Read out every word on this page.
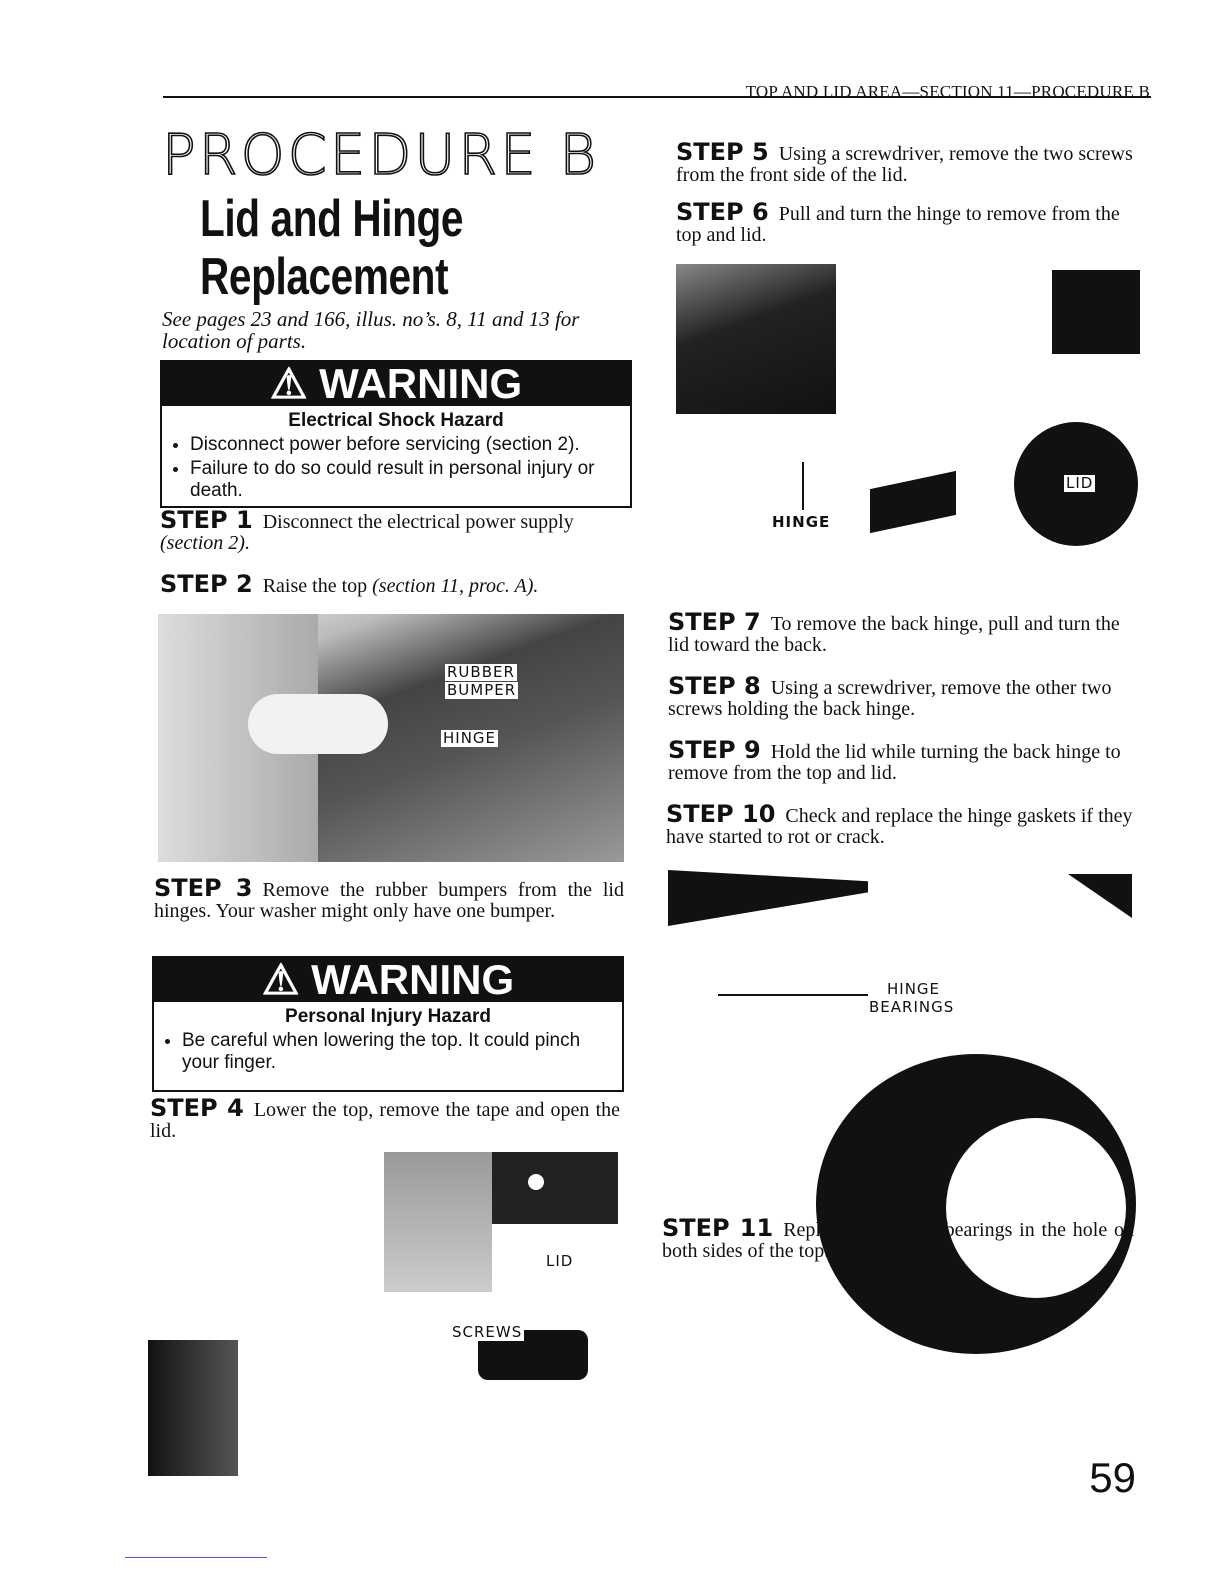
TOP AND LID AREA—SECTION 11—PROCEDURE B
PROCEDURE B
Lid and Hinge
Replacement
See pages 23 and 166, illus. no’s. 8, 11 and 13 for location of parts.
⚠ WARNING
Electrical Shock Hazard
• Disconnect power before servicing (section 2).
• Failure to do so could result in personal injury or death.
STEP 1 Disconnect the electrical power supply
(section 2).
STEP 2 Raise the top (section 11, proc. A).
RUBBER
BUMPER
HINGE
STEP 3 Remove the rubber bumpers from the lid hinges. Your washer might only have one bumper.
⚠ WARNING
Personal Injury Hazard
• Be careful when lowering the top. It could pinch your finger.
STEP 4 Lower the top, remove the tape and open the lid.
LID
SCREWS
STEP 5 Using a screwdriver, remove the two screws from the front side of the lid.
STEP 6 Pull and turn the hinge to remove from the top and lid.
HINGE
LID
STEP 7 To remove the back hinge, pull and turn the lid toward the back.
STEP 8 Using a screwdriver, remove the other two screws holding the back hinge.
STEP 9 Hold the lid while turning the back hinge to remove from the top and lid.
STEP 10 Check and replace the hinge gaskets if they have started to rot or crack.
HINGE
BEARINGS
STEP 11 Replace the plastic bearings in the hole on both sides of the top.
59
